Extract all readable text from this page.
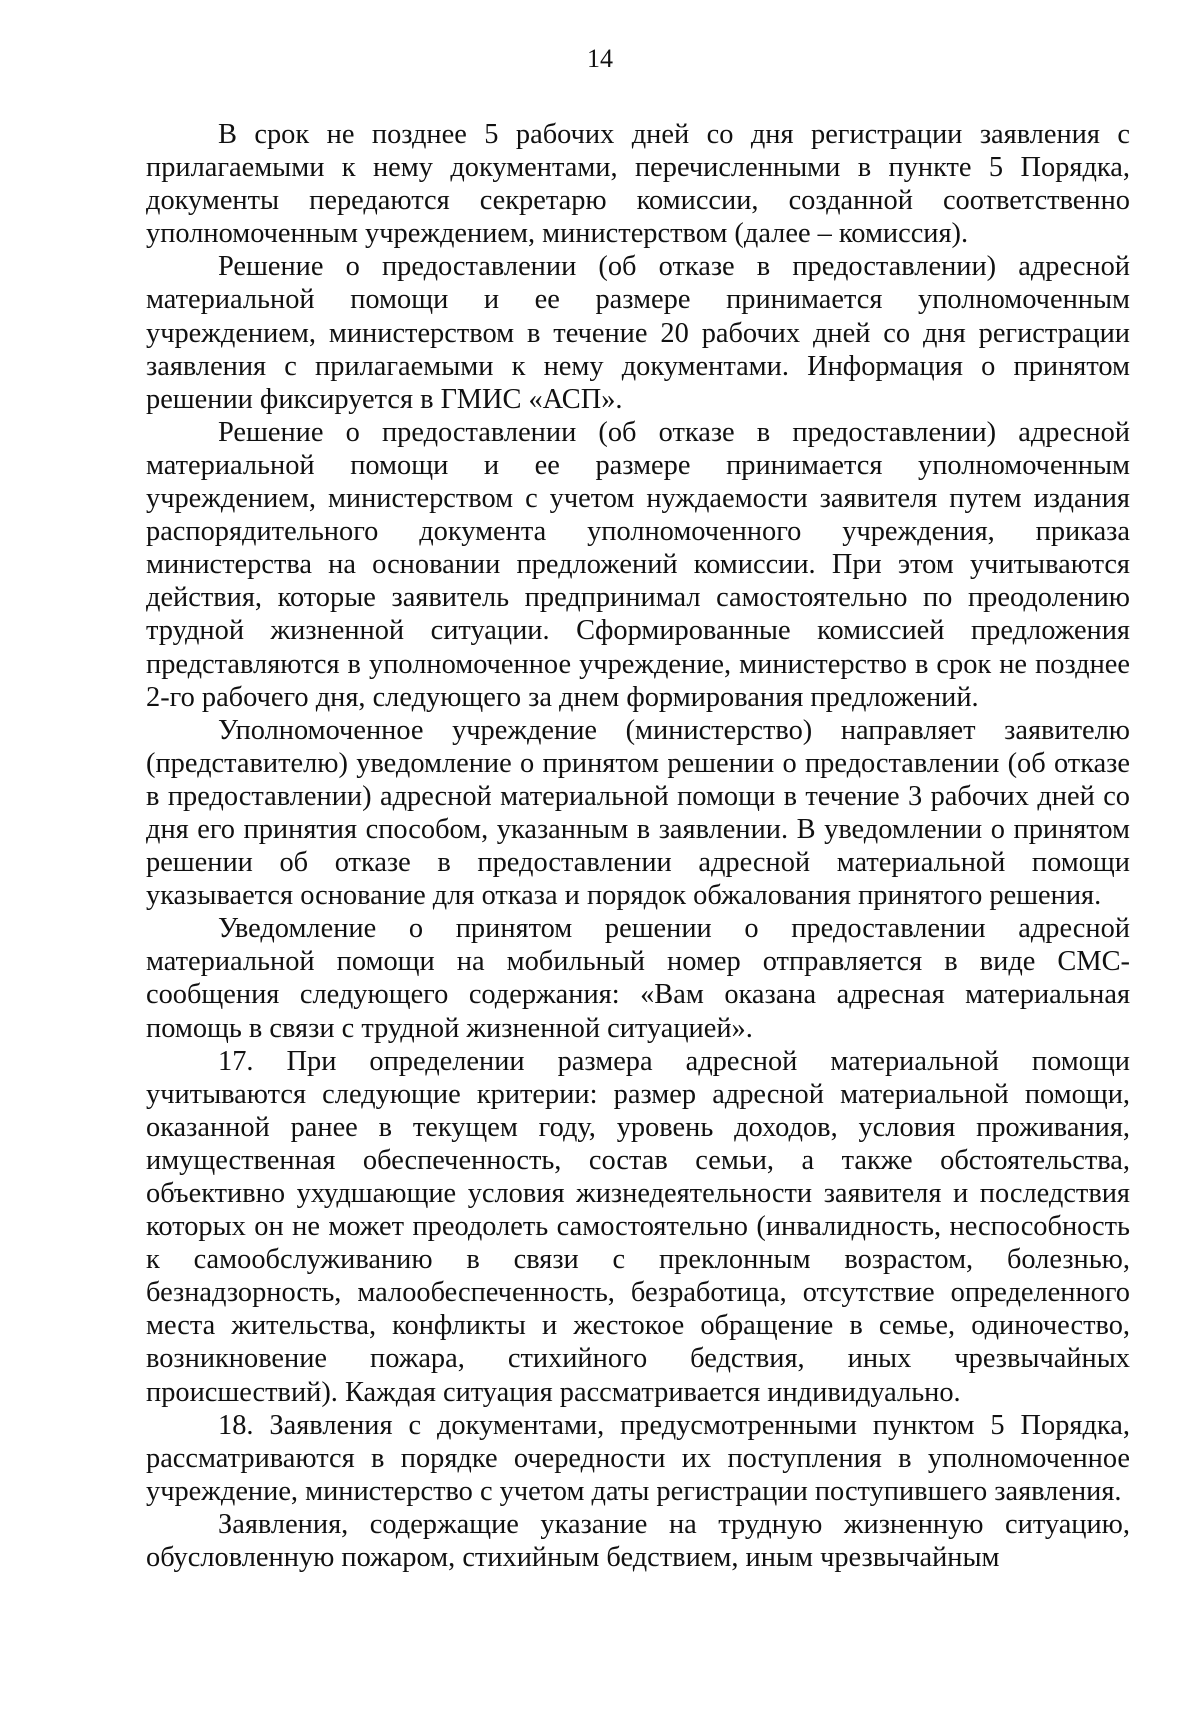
14

В срок не позднее 5 рабочих дней со дня регистрации заявления с прилагаемыми к нему документами, перечисленными в пункте 5 Порядка, документы передаются секретарю комиссии, созданной соответственно уполномоченным учреждением, министерством (далее – комиссия).

Решение о предоставлении (об отказе в предоставлении) адресной материальной помощи и ее размере принимается уполномоченным учреждением, министерством в течение 20 рабочих дней со дня регистрации заявления с прилагаемыми к нему документами. Информация о принятом решении фиксируется в ГМИС «АСП».

Решение о предоставлении (об отказе в предоставлении) адресной материальной помощи и ее размере принимается уполномоченным учреждением, министерством с учетом нуждаемости заявителя путем издания распорядительного документа уполномоченного учреждения, приказа министерства на основании предложений комиссии. При этом учитываются действия, которые заявитель предпринимал самостоятельно по преодолению трудной жизненной ситуации. Сформированные комиссией предложения представляются в уполномоченное учреждение, министерство в срок не позднее 2-го рабочего дня, следующего за днем формирования предложений.

Уполномоченное учреждение (министерство) направляет заявителю (представителю) уведомление о принятом решении о предоставлении (об отказе в предоставлении) адресной материальной помощи в течение 3 рабочих дней со дня его принятия способом, указанным в заявлении. В уведомлении о принятом решении об отказе в предоставлении адресной материальной помощи указывается основание для отказа и порядок обжалования принятого решения.

Уведомление о принятом решении о предоставлении адресной материальной помощи на мобильный номер отправляется в виде СМС-сообщения следующего содержания: «Вам оказана адресная материальная помощь в связи с трудной жизненной ситуацией».

17. При определении размера адресной материальной помощи учитываются следующие критерии: размер адресной материальной помощи, оказанной ранее в текущем году, уровень доходов, условия проживания, имущественная обеспеченность, состав семьи, а также обстоятельства, объективно ухудшающие условия жизнедеятельности заявителя и последствия которых он не может преодолеть самостоятельно (инвалидность, неспособность к самообслуживанию в связи с преклонным возрастом, болезнью, безнадзорность, малообеспеченность, безработица, отсутствие определенного места жительства, конфликты и жестокое обращение в семье, одиночество, возникновение пожара, стихийного бедствия, иных чрезвычайных происшествий). Каждая ситуация рассматривается индивидуально.

18. Заявления с документами, предусмотренными пунктом 5 Порядка, рассматриваются в порядке очередности их поступления в уполномоченное учреждение, министерство с учетом даты регистрации поступившего заявления.

Заявления, содержащие указание на трудную жизненную ситуацию, обусловленную пожаром, стихийным бедствием, иным чрезвычайным
